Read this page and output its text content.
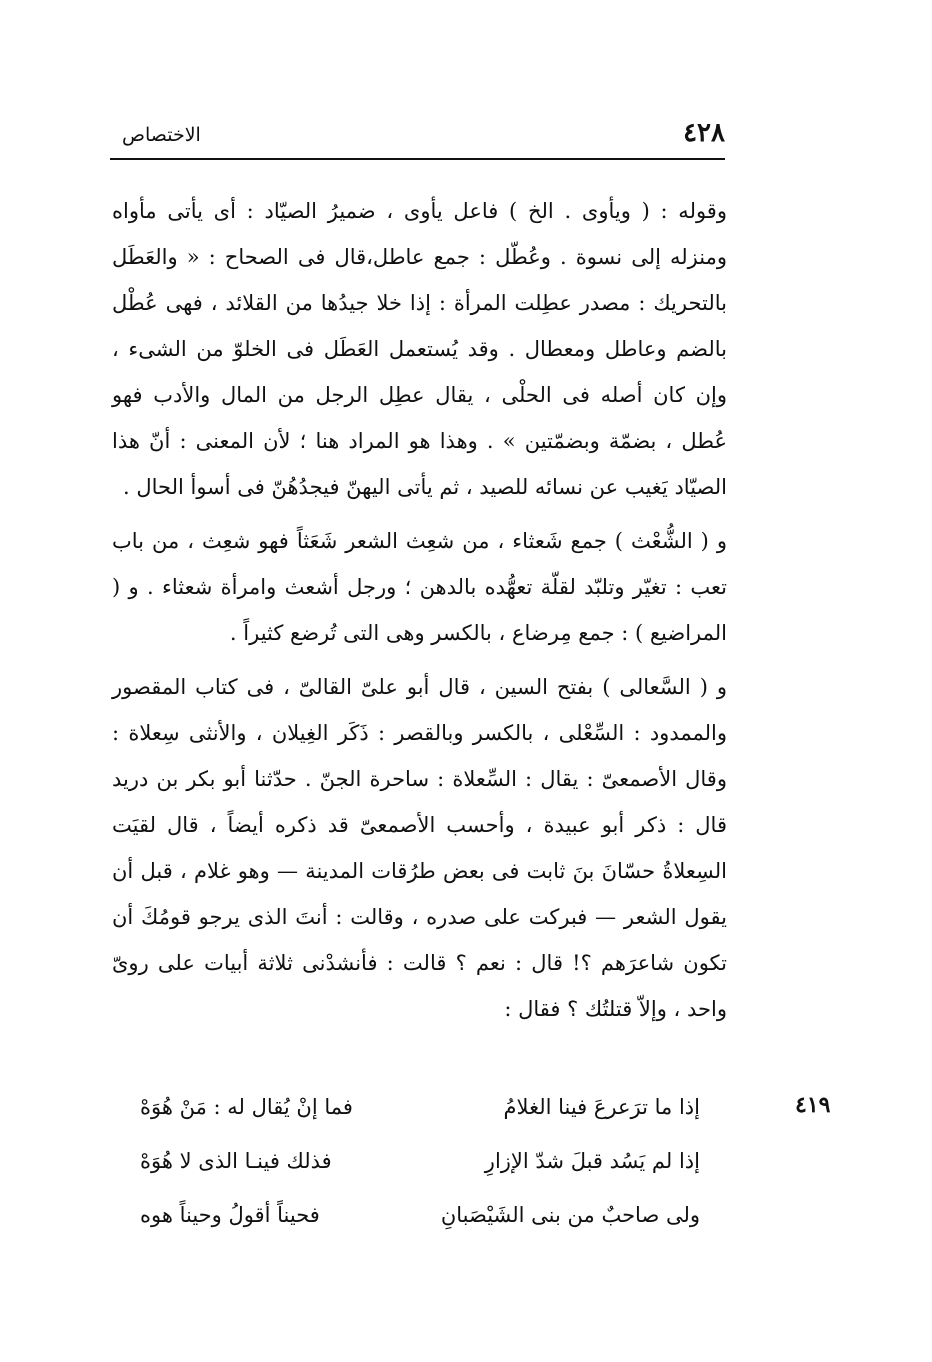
٤٢٨
الاختصاص

وقوله : ( ويأوى . الخ ) فاعل يأوى ، ضميرُ الصيّاد : أى يأتى مأواه ومنزله إلى نسوة . وعُطّل : جمع عاطل،قال فى الصحاح : « والعَطَل بالتحريك : مصدر عطِلت المرأة : إذا خلا جيدُها من القلائد ، فهى عُطْل بالضم وعاطل ومعطال . وقد يُستعمل العَطَل فى الخلوّ من الشىء ، وإن كان أصله فى الحلْى ، يقال عطِل الرجل من المال والأدب فهو عُطل ، بضمّة وبضمّتين » . وهذا هو المراد هنا ؛ لأن المعنى : أنّ هذا الصيّاد يَغيب عن نسائه للصيد ، ثم يأتى اليهنّ فيجدُهُنّ فى أسوأ الحال .

و ( الشُّعْث ) جمع شَعثاء ، من شعِث الشعر شَعَثاً فهو شعِث ، من باب تعب : تغيّر وتلبّد لقلّة تعهُّده بالدهن ؛ ورجل أشعث وامرأة شعثاء . و ( المراضيع ) : جمع مِرضاع ، بالكسر وهى التى تُرضع كثيراً .

و ( السَّعالى ) بفتح السين ، قال أبو علىّ القالىّ ، فى كتاب المقصور والممدود : السِّعْلى ، بالكسر وبالقصر : ذَكَر الغِيلان ، والأنثى سِعلاة : وقال الأصمعىّ : يقال : السِّعلاة : ساحرة الجنّ . حدّثنا أبو بكر بن دريد قال : ذكر أبو عبيدة ، وأحسب الأصمعىّ قد ذكره أيضاً ، قال لقيَت السِعلاةُ حسّانَ بنَ ثابت فى بعض طرُقات المدينة — وهو غلام ، قبل أن يقول الشعر — فبركت على صدره ، وقالت : أنتَ الذى يرجو قومُكَ أن تكون شاعرَهم ؟! قال : نعم ؟ قالت : فأنشدْنى ثلاثة أبيات على روىّ واحد ، وإلاّ قتلتُك ؟ فقال :

٤١٩
إذا ما ترَعرعَ فينا الغلامُ
فما إنْ يُقال له : مَنْ هُوَهْ
إذا لم يَسُد قبلَ شدّ الإزارِ
فذلك فينـا الذى لا هُوَهْ
ولى صاحبٌ من بنى الشَيْصَبانِ
فحيناً أقولُ وحيناً هوه
